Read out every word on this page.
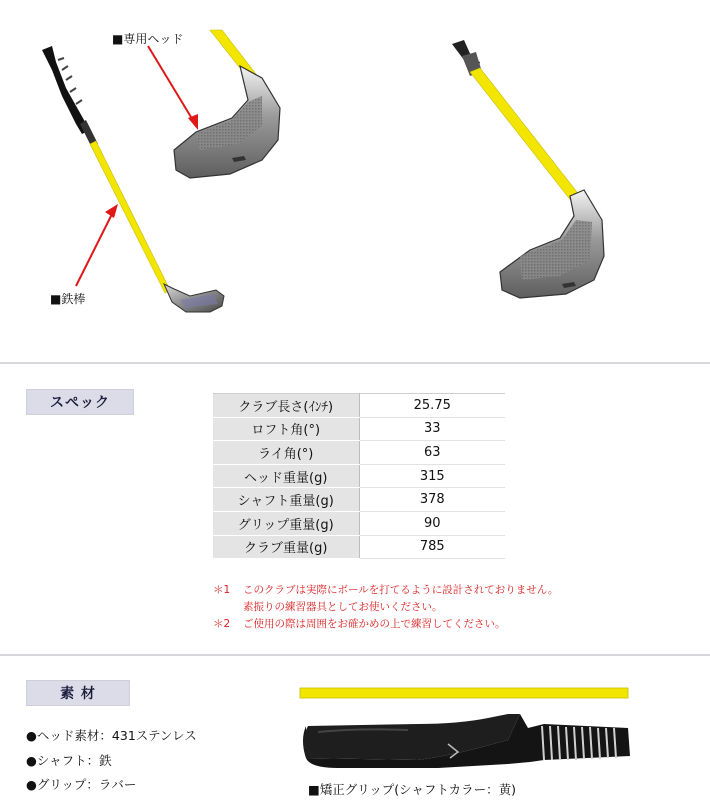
■専用ヘッド
■鉄棒
スペック	クラブ長さ(ｲﾝﾁ)	25.75
ロフト角(°)	33
ライ角(°)	63
ヘッド重量(g)	315
シャフト重量(g)	378
グリップ重量(g)	90
クラブ重量(g)	785
＊1 このクラブは実際にボールを打てるように設計されておりません。
素振りの練習器具としてお使いください。
＊2 ご使用の際は周囲をお確かめの上で練習してください。
素 材
●ヘッド素材：431ステンレス
●シャフト：鉄
●グリップ：ラバー	■矯正グリップ(シャフトカラー：黄)
